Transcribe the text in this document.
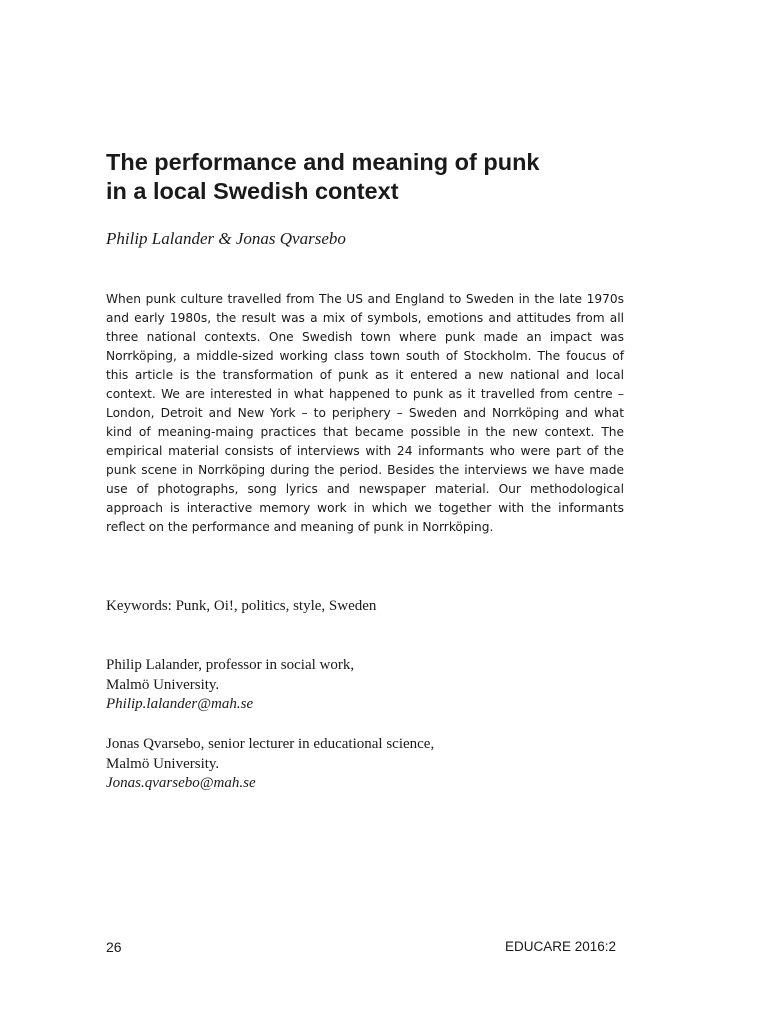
The performance and meaning of punk
in a local Swedish context

Philip Lalander & Jonas Qvarsebo

When punk culture travelled from The US and England to Sweden in the late 1970s and early 1980s, the result was a mix of symbols, emotions and attitudes from all three national contexts. One Swedish town where punk made an impact was Norrköping, a middle-sized working class town south of Stockholm. The foucus of this article is the transformation of punk as it entered a new national and local context. We are interested in what happened to punk as it travelled from centre – London, Detroit and New York – to periphery – Sweden and Norrköping and what kind of meaning-maing practices that became possible in the new context. The empirical material consists of interviews with 24 informants who were part of the punk scene in Norrköping during the period. Besides the interviews we have made use of photographs, song lyrics and newspaper material. Our methodological approach is interactive memory work in which we together with the informants reflect on the performance and meaning of punk in Norrköping.

Keywords: Punk, Oi!, politics, style, Sweden

Philip Lalander, professor in social work,
Malmö University.
Philip.lalander@mah.se
Jonas Qvarsebo, senior lecturer in educational science,
Malmö University.
Jonas.qvarsebo@mah.se
26	EDUCARE 2016:2
